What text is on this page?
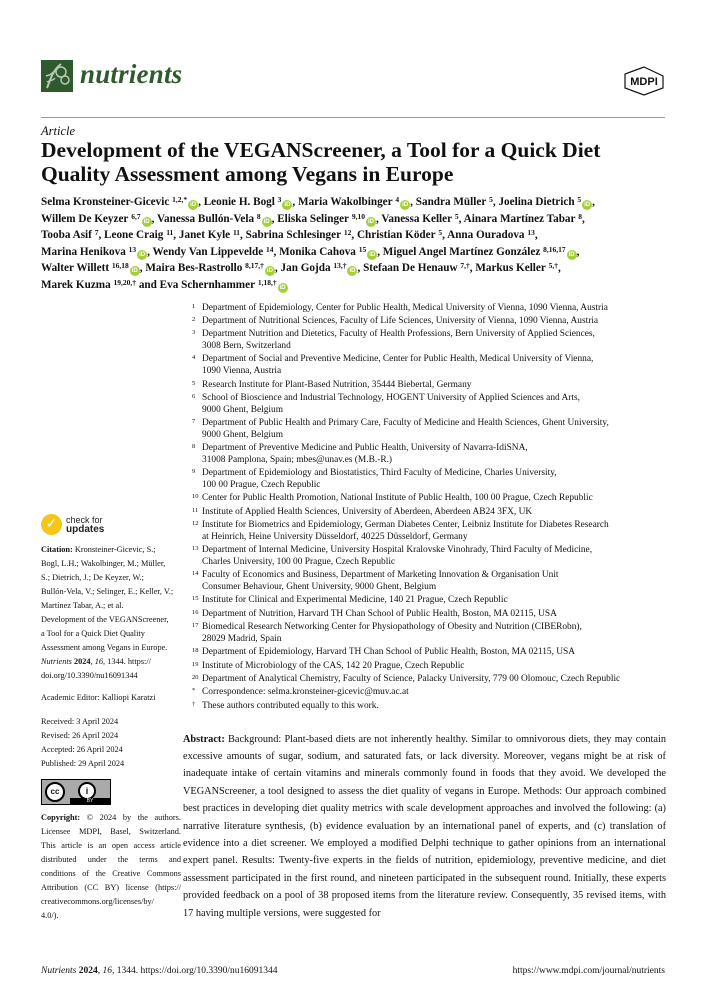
nutrients	MDPI
Article
Development of the VEGANScreener, a Tool for a Quick Diet Quality Assessment among Vegans in Europe
Selma Kronsteiner-Gicevic $^{1,2,*}$iD , Leonie H. Bogl $^3$iD , Maria Wakolbinger $^4$iD , Sandra Müller $^5$, Joelina Dietrich $^5$iD ,
Willem De Keyzer $^{6,7}$iD , Vanessa Bullón-Vela $^8$iD , Eliska Selinger $^{9,10}$iD , Vanessa Keller $^5$, Ainara Martínez Tabar $^8$,
Tooba Asif $^7$, Leone Craig $^{11}$, Janet Kyle $^{11}$, Sabrina Schlesinger $^{12}$, Christian Köder $^5$, Anna Ouradova $^{13}$,
Marina Henikova $^{13}$iD , Wendy Van Lippevelde $^{14}$, Monika Cahova $^{15}$iD , Miguel Angel Martínez González $^{8,16,17}$iD ,
Walter Willett $^{16,18}$iD , Maira Bes-Rastrollo $^{8,17,\dagger}$iD , Jan Gojda $^{13,\dagger}$iD , Stefaan De Henauw $^{7,\dagger}$, Markus Keller $^{5,\dagger}$,
Marek Kuzma $^{19,20,\dagger}$ and Eva Schernhammer $^{1,18,\dagger}$iD
1 Department of Epidemiology, Center for Public Health, Medical University of Vienna, 1090 Vienna, Austria
2 Department of Nutritional Sciences, Faculty of Life Sciences, University of Vienna, 1090 Vienna, Austria
3 Department Nutrition and Dietetics, Faculty of Health Professions, Bern University of Applied Sciences,
3008 Bern, Switzerland
4 Department of Social and Preventive Medicine, Center for Public Health, Medical University of Vienna,
1090 Vienna, Austria
5 Research Institute for Plant-Based Nutrition, 35444 Biebertal, Germany
6 School of Bioscience and Industrial Technology, HOGENT University of Applied Sciences and Arts,
9000 Ghent, Belgium
7 Department of Public Health and Primary Care, Faculty of Medicine and Health Sciences, Ghent University,
9000 Ghent, Belgium
8 Department of Preventive Medicine and Public Health, University of Navarra-IdiSNA,
31008 Pamplona, Spain; mbes@unav.es (M.B.-R.)
9 Department of Epidemiology and Biostatistics, Third Faculty of Medicine, Charles University,
100 00 Prague, Czech Republic
10 Center for Public Health Promotion, National Institute of Public Health, 100 00 Prague, Czech Republic
11 Institute of Applied Health Sciences, University of Aberdeen, Aberdeen AB24 3FX, UK
12 Institute for Biometrics and Epidemiology, German Diabetes Center, Leibniz Institute for Diabetes Research
at Heinrich, Heine University Düsseldorf, 40225 Düsseldorf, Germany
13 Department of Internal Medicine, University Hospital Kralovske Vinohrady, Third Faculty of Medicine,
Charles University, 100 00 Prague, Czech Republic
14 Faculty of Economics and Business, Department of Marketing Innovation & Organisation Unit
Consumer Behaviour, Ghent University, 9000 Ghent, Belgium
15 Institute for Clinical and Experimental Medicine, 140 21 Prague, Czech Republic
16 Department of Nutrition, Harvard TH Chan School of Public Health, Boston, MA 02115, USA
17 Biomedical Research Networking Center for Physiopathology of Obesity and Nutrition (CIBERobn),
28029 Madrid, Spain
18 Department of Epidemiology, Harvard TH Chan School of Public Health, Boston, MA 02115, USA
19 Institute of Microbiology of the CAS, 142 20 Prague, Czech Republic
20 Department of Analytical Chemistry, Faculty of Science, Palacky University, 779 00 Olomouc, Czech Republic
* Correspondence: selma.kronsteiner-gicevic@muv.ac.at
† These authors contributed equally to this work.
Abstract: Background: Plant-based diets are not inherently healthy. Similar to omnivorous diets, they may contain excessive amounts of sugar, sodium, and saturated fats, or lack diversity. Moreover, vegans might be at risk of inadequate intake of certain vitamins and minerals commonly found in foods that they avoid. We developed the VEGANScreener, a tool designed to assess the diet quality of vegans in Europe. Methods: Our approach combined best practices in developing diet quality metrics with scale development approaches and involved the following: (a) narrative literature synthesis, (b) evidence evaluation by an international panel of experts, and (c) translation of evidence into a diet screener. We employed a modified Delphi technique to gather opinions from an international expert panel. Results: Twenty-five experts in the fields of nutrition, epidemiology, preventive medicine, and diet assessment participated in the first round, and nineteen participated in the subsequent round. Initially, these experts provided feedback on a pool of 38 proposed items from the literature review. Consequently, 35 revised items, with 17 having multiple versions, were suggested for
✓ check for
updates
Citation: Kronsteiner-Gicevic, S.;
Bogl, L.H.; Wakolbinger, M.; Müller,
S.; Dietrich, J.; De Keyzer, W.;
Bullón-Vela, V.; Selinger, E.; Keller, V.;
Martínez Tabar, A.; et al.
Development of the VEGANScreener,
a Tool for a Quick Diet Quality
Assessment among Vegans in Europe.
Nutrients 2024, 16, 1344. https://
doi.org/10.3390/nu16091344
Academic Editor: Kalliopi Karatzi
Received: 3 April 2024
Revised: 26 April 2024
Accepted: 26 April 2024
Published: 29 April 2024
cc	i
BY
Copyright: © 2024 by the authors.
Licensee MDPI, Basel, Switzerland.
This article is an open access article
distributed under the terms and
conditions of the Creative Commons
Attribution (CC BY) license (https://
creativecommons.org/licenses/by/
4.0/).
Nutrients 2024, 16, 1344. https://doi.org/10.3390/nu16091344	https://www.mdpi.com/journal/nutrients
